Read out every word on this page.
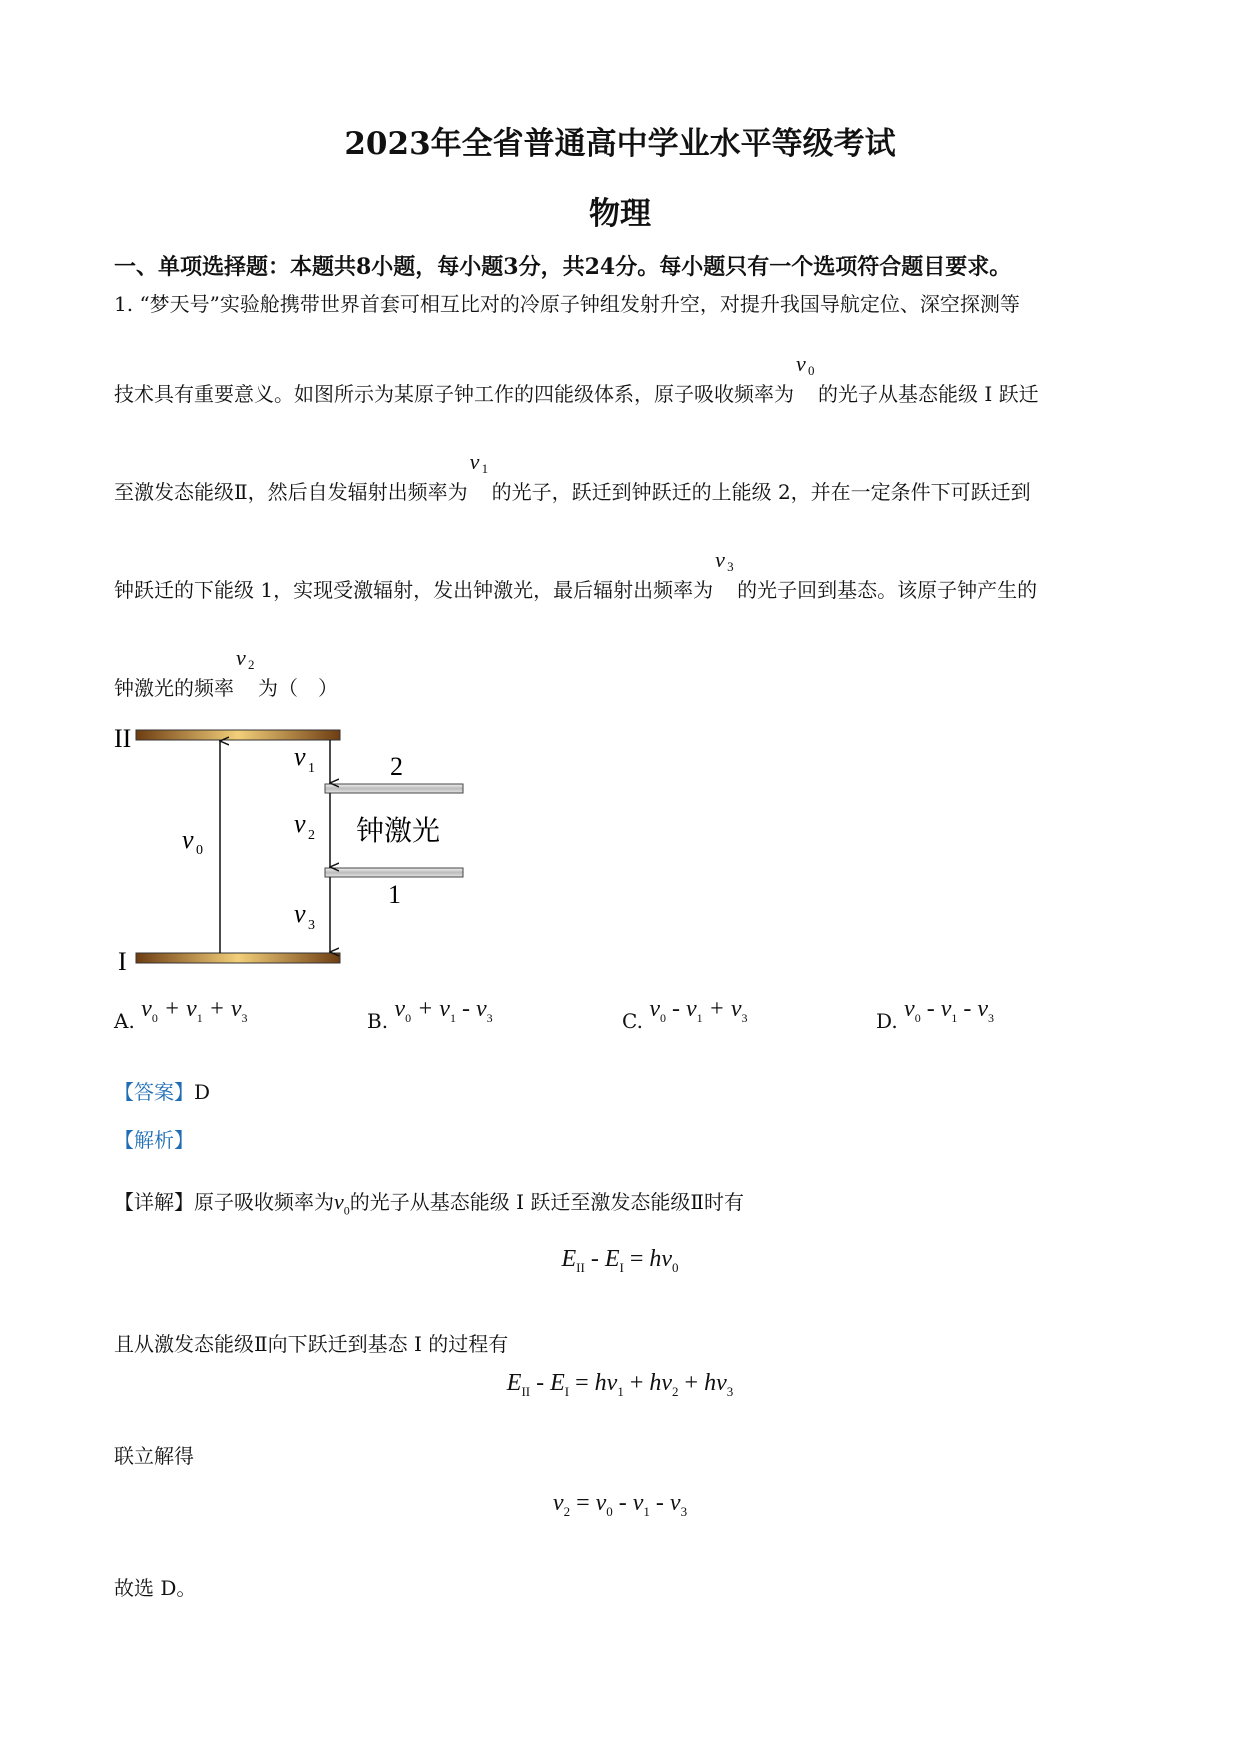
2023年全省普通高中学业水平等级考试
物理
一、单项选择题：本题共8小题，每小题3分，共24分。每小题只有一个选项符合题目要求。
1. “梦天号”实验舱携带世界首套可相互比对的冷原子钟组发射升空，对提升我国导航定位、深空探测等
技术具有重要意义。如图所示为某原子钟工作的四能级体系，原子吸收频率为
ν 0
的光子从基态能级 I 跃迁
至激发态能级Ⅱ，然后自发辐射出频率为
ν 1
的光子，跃迁到钟跃迁的上能级 2，并在一定条件下可跃迁到
钟跃迁的下能级 1，实现受激辐射，发出钟激光，最后辐射出频率为
ν 3
的光子回到基态。该原子钟产生的
钟激光的频率
ν 2
为（　）
II
I
2
1
ν 0
ν 1
ν 2 钟激光
ν 3
A. $\nu_0 + \nu_1 + \nu_3$	B. $\nu_0 + \nu_1 - \nu_3$	C. $\nu_0 - \nu_1 + \nu_3$	D. $\nu_0 - \nu_1 - \nu_3$
【答案】D
【解析】
【详解】原子吸收频率为$\nu_0$的光子从基态能级 I 跃迁至激发态能级Ⅱ时有
$E_{II} - E_I = h\nu_0$
且从激发态能级Ⅱ向下跃迁到基态 I 的过程有
$E_{II} - E_I = h\nu_1 + h\nu_2 + h\nu_3$
联立解得
$\nu_2 = \nu_0 - \nu_1 - \nu_3$
故选 D。
